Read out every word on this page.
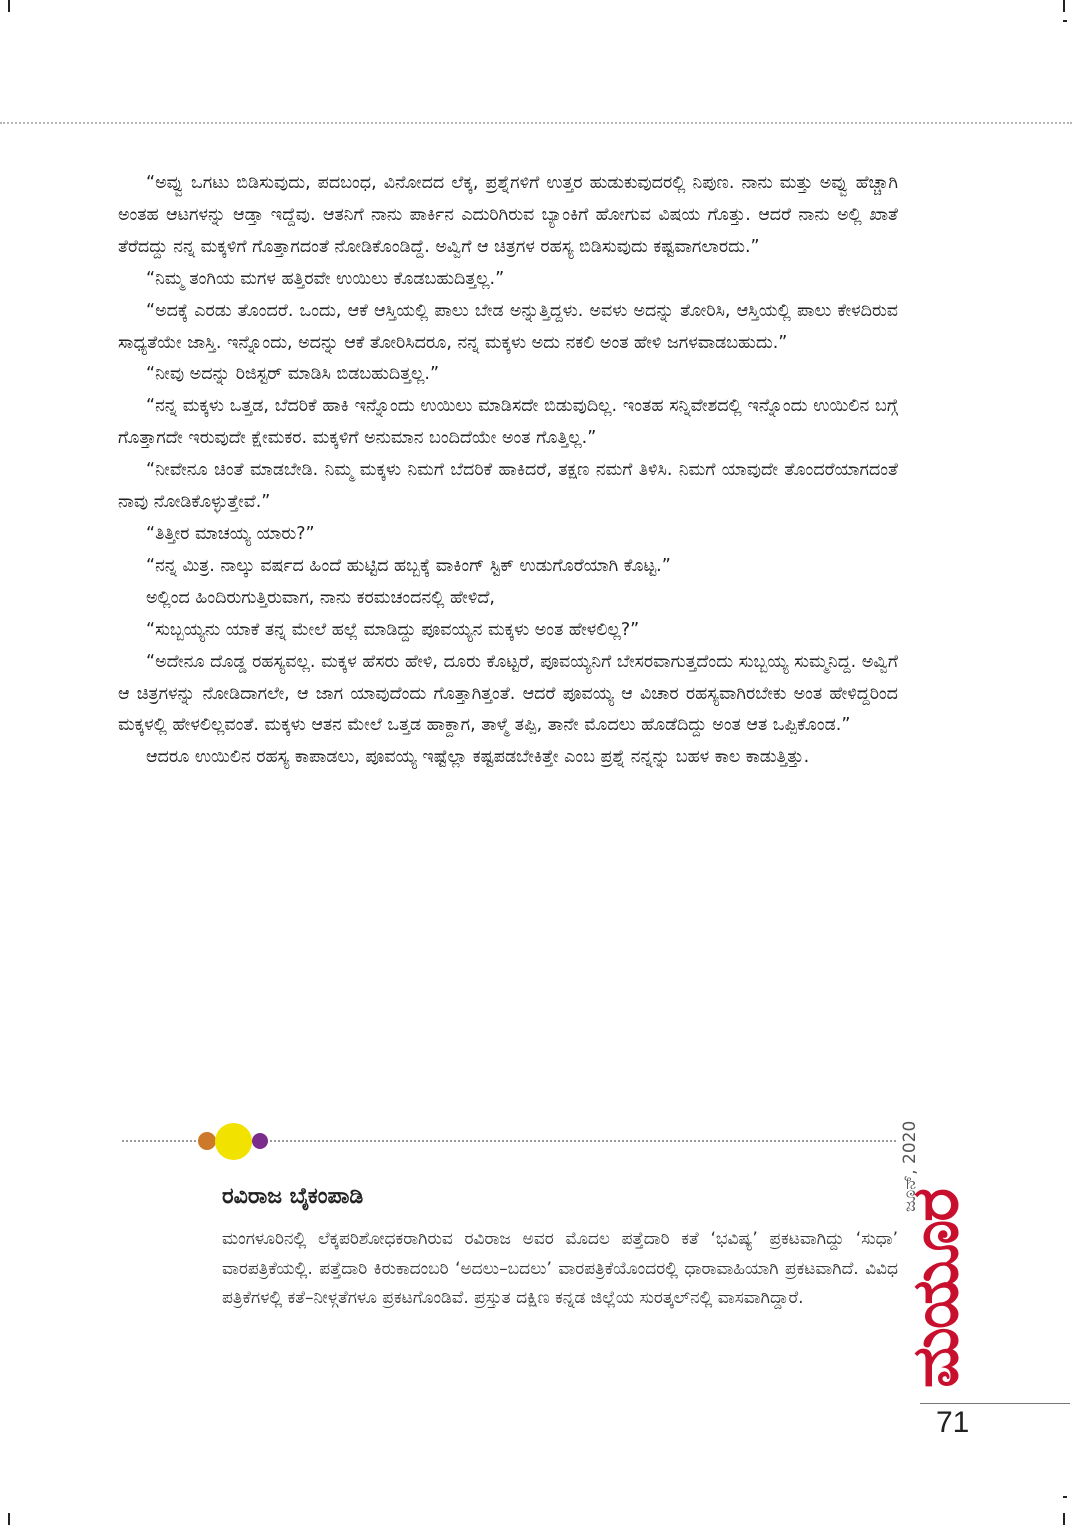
“ಅವ್ವು ಒಗಟು ಬಿಡಿಸುವುದು, ಪದಬಂಧ, ವಿನೋದದ ಲೆಕ್ಕ, ಪ್ರಶ್ನೆಗಳಿಗೆ ಉತ್ತರ ಹುಡುಕುವುದರಲ್ಲಿ ನಿಪುಣ. ನಾನು ಮತ್ತು ಅವ್ವು ಹೆಚ್ಚಾಗಿ ಅಂತಹ ಆಟಗಳನ್ನು ಆಡ್ತಾ ಇದ್ದೆವು. ಆತನಿಗೆ ನಾನು ಪಾರ್ಕಿನ ಎದುರಿಗಿರುವ ಬ್ಯಾಂಕಿಗೆ ಹೋಗುವ ವಿಷಯ ಗೊತ್ತು. ಆದರೆ ನಾನು ಅಲ್ಲಿ ಖಾತೆ ತೆರೆದದ್ದು ನನ್ನ ಮಕ್ಕಳಿಗೆ ಗೊತ್ತಾಗದಂತೆ ನೋಡಿಕೊಂಡಿದ್ದೆ. ಅವ್ವಿಗೆ ಆ ಚಿತ್ರಗಳ ರಹಸ್ಯ ಬಿಡಿಸುವುದು ಕಷ್ಟವಾಗಲಾರದು.”

“ನಿಮ್ಮ ತಂಗಿಯ ಮಗಳ ಹತ್ತಿರವೇ ಉಯಿಲು ಕೊಡಬಹುದಿತ್ತಲ್ಲ.”

“ಅದಕ್ಕೆ ಎರಡು ತೊಂದರೆ. ಒಂದು, ಆಕೆ ಆಸ್ತಿಯಲ್ಲಿ ಪಾಲು ಬೇಡ ಅನ್ನುತ್ತಿದ್ದಳು. ಅವಳು ಅದನ್ನು ತೋರಿಸಿ, ಆಸ್ತಿಯಲ್ಲಿ ಪಾಲು ಕೇಳದಿರುವ ಸಾಧ್ಯತೆಯೇ ಜಾಸ್ತಿ. ಇನ್ನೊಂದು, ಅದನ್ನು ಆಕೆ ತೋರಿಸಿದರೂ, ನನ್ನ ಮಕ್ಕಳು ಅದು ನಕಲಿ ಅಂತ ಹೇಳಿ ಜಗಳವಾಡಬಹುದು.”

“ನೀವು ಅದನ್ನು ರಿಜಿಸ್ಟರ್ ಮಾಡಿಸಿ ಬಿಡಬಹುದಿತ್ತಲ್ಲ.”

“ನನ್ನ ಮಕ್ಕಳು ಒತ್ತಡ, ಬೆದರಿಕೆ ಹಾಕಿ ಇನ್ನೊಂದು ಉಯಿಲು ಮಾಡಿಸದೇ ಬಿಡುವುದಿಲ್ಲ. ಇಂತಹ ಸನ್ನಿವೇಶದಲ್ಲಿ ಇನ್ನೊಂದು ಉಯಿಲಿನ ಬಗ್ಗೆ ಗೊತ್ತಾಗದೇ ಇರುವುದೇ ಕ್ಷೇಮಕರ. ಮಕ್ಕಳಿಗೆ ಅನುಮಾನ ಬಂದಿದೆಯೇ ಅಂತ ಗೊತ್ತಿಲ್ಲ.”

“ನೀವೇನೂ ಚಿಂತೆ ಮಾಡಬೇಡಿ. ನಿಮ್ಮ ಮಕ್ಕಳು ನಿಮಗೆ ಬೆದರಿಕೆ ಹಾಕಿದರೆ, ತಕ್ಷಣ ನಮಗೆ ತಿಳಿಸಿ. ನಿಮಗೆ ಯಾವುದೇ ತೊಂದರೆಯಾಗದಂತೆ ನಾವು ನೋಡಿಕೊಳ್ಳುತ್ತೇವೆ.”

“ತಿತ್ತೀರ ಮಾಚಯ್ಯ ಯಾರು?”

“ನನ್ನ ಮಿತ್ರ. ನಾಲ್ಕು ವರ್ಷದ ಹಿಂದೆ ಹುಟ್ಟಿದ ಹಬ್ಬಕ್ಕೆ ವಾಕಿಂಗ್ ಸ್ಟಿಕ್ ಉಡುಗೊರೆಯಾಗಿ ಕೊಟ್ಟ.”

ಅಲ್ಲಿಂದ ಹಿಂದಿರುಗುತ್ತಿರುವಾಗ, ನಾನು ಕರಮಚಂದನಲ್ಲಿ ಹೇಳಿದೆ,

“ಸುಬ್ಬಯ್ಯನು ಯಾಕೆ ತನ್ನ ಮೇಲೆ ಹಲ್ಲೆ ಮಾಡಿದ್ದು ಪೂವಯ್ಯನ ಮಕ್ಕಳು ಅಂತ ಹೇಳಲಿಲ್ಲ?”

“ಅದೇನೂ ದೊಡ್ಡ ರಹಸ್ಯವಲ್ಲ. ಮಕ್ಕಳ ಹೆಸರು ಹೇಳಿ, ದೂರು ಕೊಟ್ಟರೆ, ಪೂವಯ್ಯನಿಗೆ ಬೇಸರವಾಗುತ್ತದೆಂದು ಸುಬ್ಬಯ್ಯ ಸುಮ್ಮನಿದ್ದ. ಅವ್ವಿಗೆ ಆ ಚಿತ್ರಗಳನ್ನು ನೋಡಿದಾಗಲೇ, ಆ ಜಾಗ ಯಾವುದೆಂದು ಗೊತ್ತಾಗಿತ್ತಂತೆ. ಆದರೆ ಪೂವಯ್ಯ ಆ ವಿಚಾರ ರಹಸ್ಯವಾಗಿರಬೇಕು ಅಂತ ಹೇಳಿದ್ದರಿಂದ ಮಕ್ಕಳಲ್ಲಿ ಹೇಳಲಿಲ್ಲವಂತೆ. ಮಕ್ಕಳು ಆತನ ಮೇಲೆ ಒತ್ತಡ ಹಾಕ್ದಾಗ, ತಾಳ್ಮೆ ತಪ್ಪಿ, ತಾನೇ ಮೊದಲು ಹೊಡೆದಿದ್ದು ಅಂತ ಆತ ಒಪ್ಪಿಕೊಂಡ.”

ಆದರೂ ಉಯಿಲಿನ ರಹಸ್ಯ ಕಾಪಾಡಲು, ಪೂವಯ್ಯ ಇಷ್ಟೆಲ್ಲಾ ಕಷ್ಟಪಡಬೇಕಿತ್ತೇ ಎಂಬ ಪ್ರಶ್ನೆ ನನ್ನನ್ನು ಬಹಳ ಕಾಲ ಕಾಡುತ್ತಿತ್ತು.

ರವಿರಾಜ ಬೈಕಂಪಾಡಿ
ಮಂಗಳೂರಿನಲ್ಲಿ ಲೆಕ್ಕಪರಿಶೋಧಕರಾಗಿರುವ ರವಿರಾಜ ಅವರ ಮೊದಲ ಪತ್ತೆದಾರಿ ಕತೆ ‘ಭವಿಷ್ಯ’ ಪ್ರಕಟವಾಗಿದ್ದು ‘ಸುಧಾ’ ವಾರಪತ್ರಿಕೆಯಲ್ಲಿ. ಪತ್ತೆದಾರಿ ಕಿರುಕಾದಂಬರಿ ‘ಅದಲು–ಬದಲು’ ವಾರಪತ್ರಿಕೆಯೊಂದರಲ್ಲಿ ಧಾರಾವಾಹಿಯಾಗಿ ಪ್ರಕಟವಾಗಿದೆ. ವಿವಿಧ ಪತ್ರಿಕೆಗಳಲ್ಲಿ ಕತೆ–ನೀಳ್ಗತೆಗಳೂ ಪ್ರಕಟಗೊಂಡಿವೆ. ಪ್ರಸ್ತುತ ದಕ್ಷಿಣ ಕನ್ನಡ ಜಿಲ್ಲೆಯ ಸುರತ್ಕಲ್‌ನಲ್ಲಿ ವಾಸವಾಗಿದ್ದಾರೆ.
ಜೂನ್, 2020
ಮಯೂರ
71
